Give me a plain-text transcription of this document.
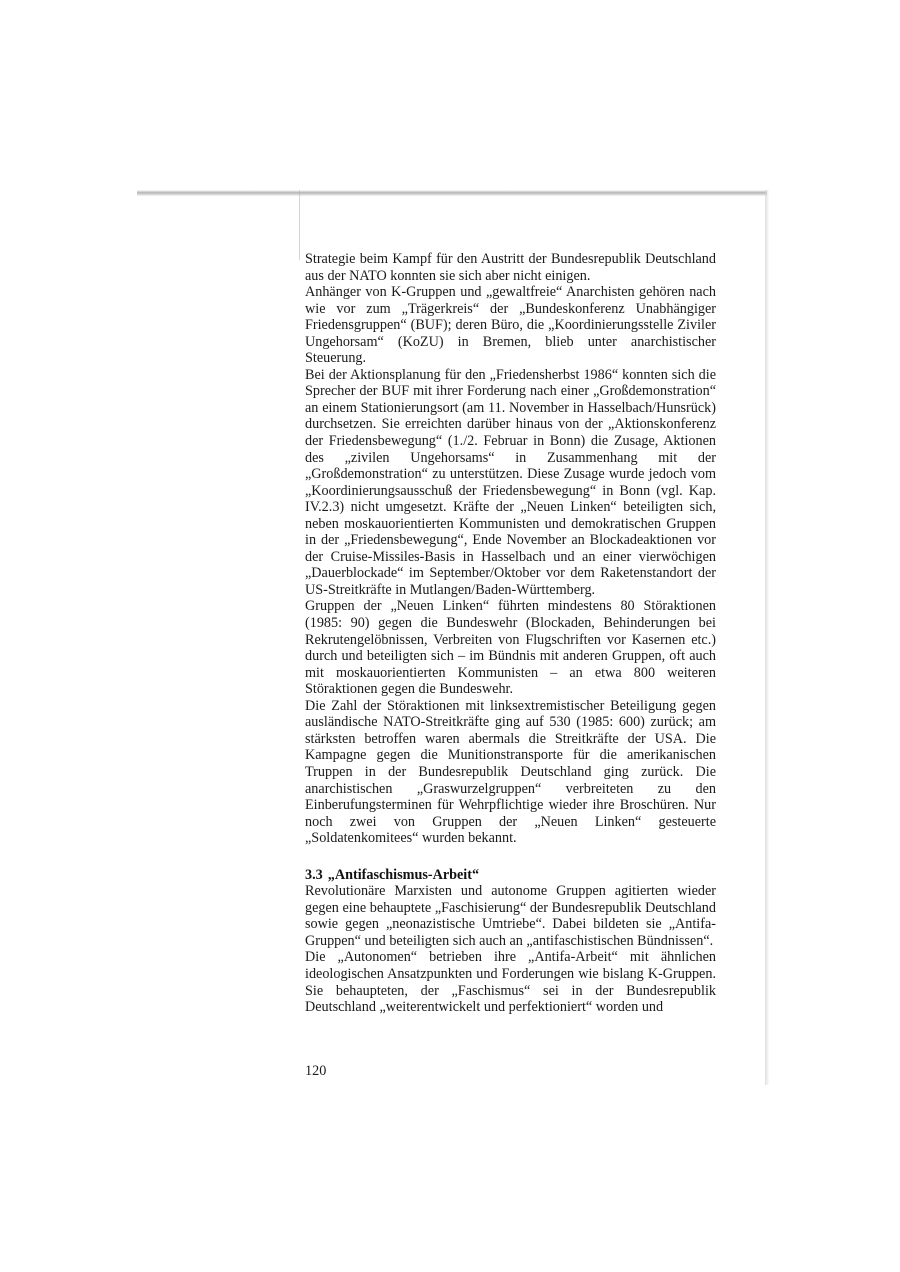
Strategie beim Kampf für den Austritt der Bundesrepublik Deutschland aus der NATO konnten sie sich aber nicht einigen.

Anhänger von K-Gruppen und „gewaltfreie“ Anarchisten gehören nach wie vor zum „Trägerkreis“ der „Bundeskonferenz Unabhängiger Friedensgruppen“ (BUF); deren Büro, die „Koordinierungsstelle Ziviler Ungehorsam“ (KoZU) in Bremen, blieb unter anarchistischer Steuerung.

Bei der Aktionsplanung für den „Friedensherbst 1986“ konnten sich die Sprecher der BUF mit ihrer Forderung nach einer „Großdemonstration“ an einem Stationierungsort (am 11. November in Hasselbach/Hunsrück) durchsetzen. Sie erreichten darüber hinaus von der „Aktionskonferenz der Friedensbewegung“ (1./2. Februar in Bonn) die Zusage, Aktionen des „zivilen Ungehorsams“ in Zusammenhang mit der „Großdemonstration“ zu unterstützen. Diese Zusage wurde jedoch vom „Koordinierungsausschuß der Friedensbewegung“ in Bonn (vgl. Kap. IV.2.3) nicht umgesetzt. Kräfte der „Neuen Linken“ beteiligten sich, neben moskauorientierten Kommunisten und demokratischen Gruppen in der „Friedensbewegung“, Ende November an Blockadeaktionen vor der Cruise-Missiles-Basis in Hasselbach und an einer vierwöchigen „Dauerblockade“ im September/Oktober vor dem Raketenstandort der US-Streitkräfte in Mutlangen/Baden-Württemberg.

Gruppen der „Neuen Linken“ führten mindestens 80 Störaktionen (1985: 90) gegen die Bundeswehr (Blockaden, Behinderungen bei Rekrutengelöbnissen, Verbreiten von Flugschriften vor Kasernen etc.) durch und beteiligten sich – im Bündnis mit anderen Gruppen, oft auch mit moskauorientierten Kommunisten – an etwa 800 weiteren Störaktionen gegen die Bundeswehr.

Die Zahl der Störaktionen mit linksextremistischer Beteiligung gegen ausländische NATO-Streitkräfte ging auf 530 (1985: 600) zurück; am stärksten betroffen waren abermals die Streitkräfte der USA. Die Kampagne gegen die Munitionstransporte für die amerikanischen Truppen in der Bundesrepublik Deutschland ging zurück. Die anarchistischen „Graswurzelgruppen“ verbreiteten zu den Einberufungsterminen für Wehrpflichtige wieder ihre Broschüren. Nur noch zwei von Gruppen der „Neuen Linken“ gesteuerte „Soldatenkomitees“ wurden bekannt.

3.3 „Antifaschismus-Arbeit“

Revolutionäre Marxisten und autonome Gruppen agitierten wieder gegen eine behauptete „Faschisierung“ der Bundesrepublik Deutschland sowie gegen „neonazistische Umtriebe“. Dabei bildeten sie „Antifa-Gruppen“ und beteiligten sich auch an „antifaschistischen Bündnissen“.

Die „Autonomen“ betrieben ihre „Antifa-Arbeit“ mit ähnlichen ideologischen Ansatzpunkten und Forderungen wie bislang K-Gruppen. Sie behaupteten, der „Faschismus“ sei in der Bundesrepublik Deutschland „weiterentwickelt und perfektioniert“ worden und

120
